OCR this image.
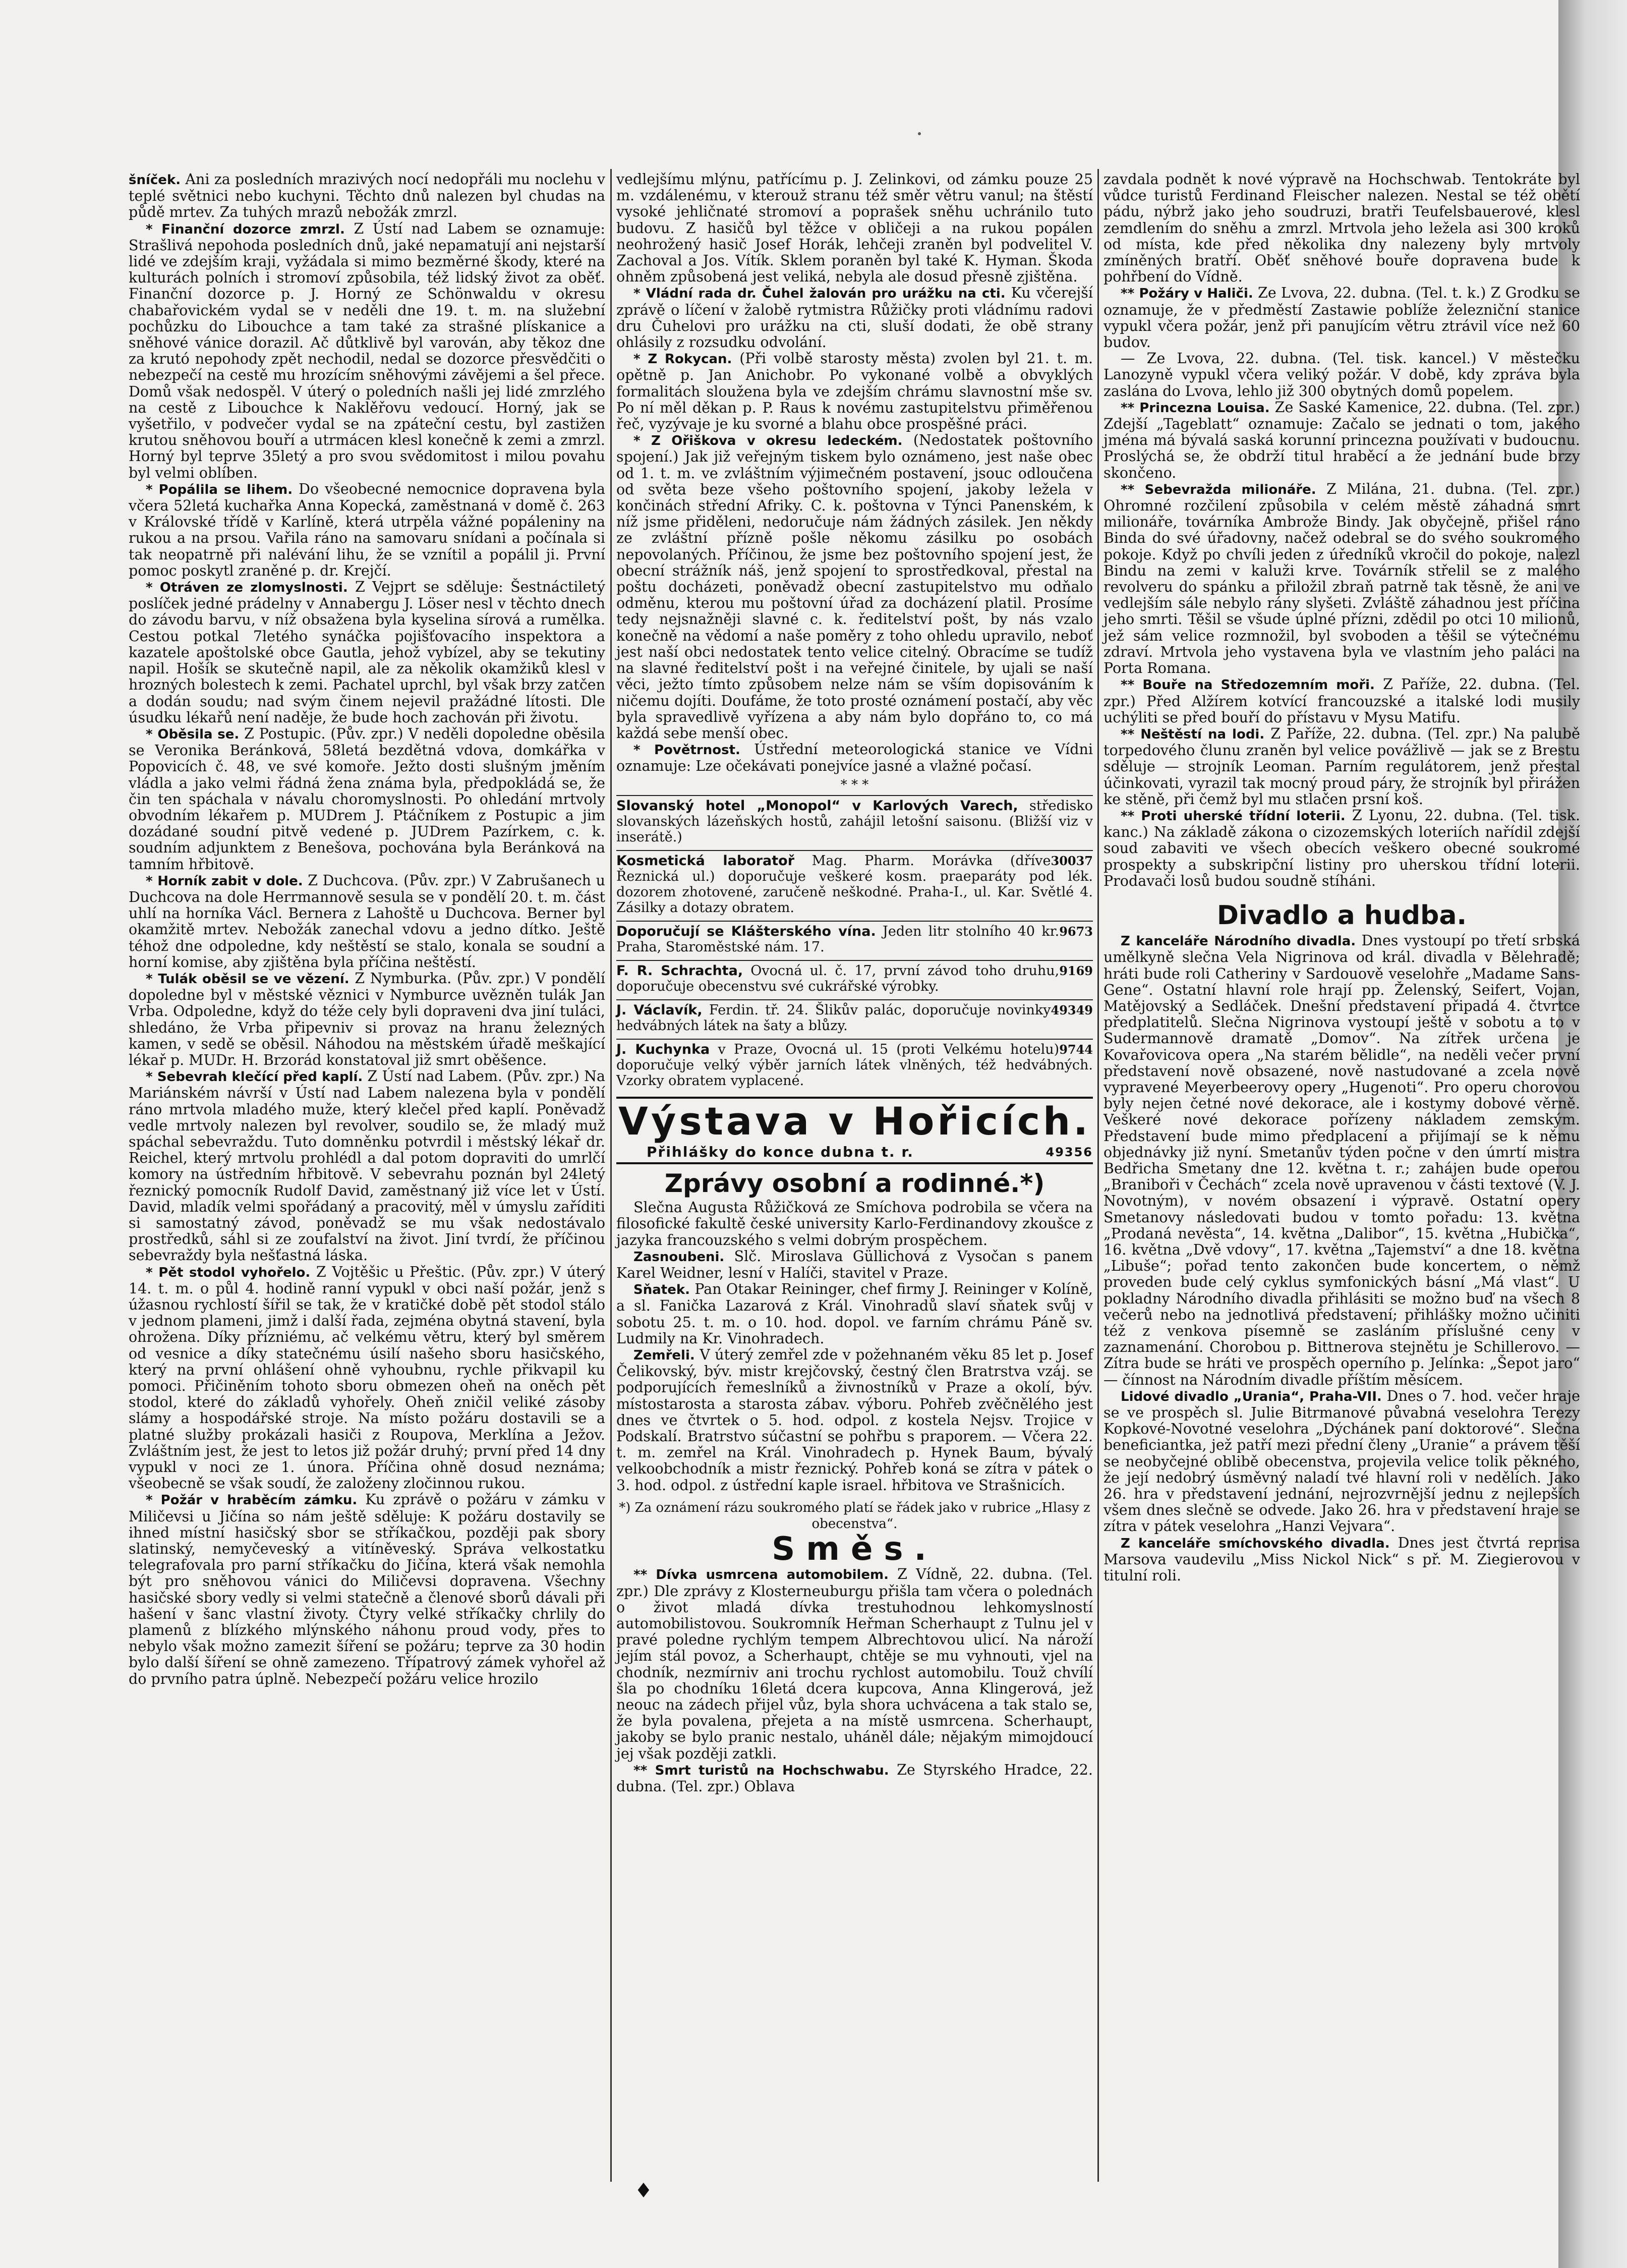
šníček. Ani za posledních mrazivých nocí nedopřáli mu noclehu v teplé světnici nebo kuchyni. Těchto dnů nalezen byl chudas na půdě mrtev. Za tuhých mrazů nebožák zmrzl.

* Finanční dozorce zmrzl. Z Ústí nad Labem se oznamuje: Strašlivá nepohoda posledních dnů, jaké nepamatují ani nejstarší lidé ve zdejším kraji, vyžádala si mimo bezměrné škody, které na kulturách polních i stromoví způsobila, též lidský život za oběť. Finanční dozorce p. J. Horný ze Schönwaldu v okresu chabařovickém vydal se v neděli dne 19. t. m. na služební pochůzku do Libouchce a tam také za strašné plískanice a sněhové vánice dorazil. Ač důtklivě byl varován, aby těkoz dne za krutó nepohody zpět nechodil, nedal se dozorce přesvědčiti o nebezpečí na cestě mu hrozícím sněhovými závějemi a šel přece. Domů však nedospěl. V úterý o poledních našli jej lidé zmrzlého na cestě z Libouchce k Naklěřovu vedoucí. Horný, jak se vyšetřilo, v podvečer vydal se na zpáteční cestu, byl zastižen krutou sněhovou bouří a utrmácen klesl konečně k zemi a zmrzl. Horný byl teprve 35letý a pro svou svědomitost i milou povahu byl velmi oblíben.

* Popálila se lihem. Do všeobecné nemocnice dopravena byla včera 52letá kuchařka Anna Kopecká, zaměstnaná v domě č. 263 v Královské třídě v Karlíně, která utrpěla vážné popáleniny na rukou a na prsou. Vařila ráno na samovaru snídani a počínala si tak neopatrně při nalévání lihu, že se vznítil a popálil ji. První pomoc poskytl zraněné p. dr. Krejčí.

* Otráven ze zlomyslnosti. Z Vejprt se sděluje: Šestnáctiletý poslíček jedné prádelny v Annabergu J. Löser nesl v těchto dnech do závodu barvu, v níž obsažena byla kyselina sírová a rumělka. Cestou potkal 7letého synáčka pojišťovacího inspektora a kazatele apoštolské obce Gautla, jehož vybízel, aby se tekutiny napil. Hošík se skutečně napil, ale za několik okamžiků klesl v hrozných bolestech k zemi. Pachatel uprchl, byl však brzy zatčen a dodán soudu; nad svým činem nejevil pražádné lítosti. Dle úsudku lékařů není naděje, že bude hoch zachován při životu.

* Oběsila se. Z Postupic. (Pův. zpr.) V neděli dopoledne oběsila se Veronika Beránková, 58letá bezdětná vdova, domkářka v Popovicích č. 48, ve své komoře. Ježto dosti slušným jměním vládla a jako velmi řádná žena známa byla, předpokládá se, že čin ten spáchala v návalu choromyslnosti. Po ohledání mrtvoly obvodním lékařem p. MUDrem J. Ptáčníkem z Postupic a jim dozádané soudní pitvě vedené p. JUDrem Pazírkem, c. k. soudním adjunktem z Benešova, pochována byla Beránková na tamním hřbitově.

* Horník zabit v dole. Z Duchcova. (Pův. zpr.) V Zabrušanech u Duchcova na dole Herrmannově sesula se v pondělí 20. t. m. část uhlí na horníka Václ. Bernera z Lahoště u Duchcova. Berner byl okamžitě mrtev. Nebožák zanechal vdovu a jedno dítko. Ještě téhož dne odpoledne, kdy neštěstí se stalo, konala se soudní a horní komise, aby zjištěna byla příčina neštěstí.

* Tulák oběsil se ve vězení. Z Nymburka. (Pův. zpr.) V pondělí dopoledne byl v městské věznici v Nymburce uvězněn tulák Jan Vrba. Odpoledne, když do téže cely byli dopraveni dva jiní tuláci, shledáno, že Vrba připevniv si provaz na hranu železných kamen, v sedě se oběsil. Náhodou na městském úřadě meškající lékař p. MUDr. H. Brzorád konstatoval již smrt oběšence.

* Sebevrah klečící před kaplí. Z Ústí nad Labem. (Pův. zpr.) Na Mariánském návrší v Ústí nad Labem nalezena byla v pondělí ráno mrtvola mladého muže, který klečel před kaplí. Poněvadž vedle mrtvoly nalezen byl revolver, soudilo se, že mladý muž spáchal sebevraždu. Tuto domněnku potvrdil i městský lékař dr. Reichel, který mrtvolu prohlédl a dal potom dopraviti do umrlčí komory na ústředním hřbitově. V sebevrahu poznán byl 24letý řeznický pomocník Rudolf David, zaměstnaný již více let v Ústí. David, mladík velmi spořádaný a pracovitý, měl v úmyslu zaříditi si samostatný závod, poněvadž se mu však nedostávalo prostředků, sáhl si ze zoufalství na život. Jiní tvrdí, že příčinou sebevraždy byla nešťastná láska.

* Pět stodol vyhořelo. Z Vojtěšic u Přeštic. (Pův. zpr.) V úterý 14. t. m. o půl 4. hodině ranní vypukl v obci naší požár, jenž s úžasnou rychlostí šířil se tak, že v kratičké době pět stodol stálo v jednom plameni, jimž i další řada, zejména obytná stavení, byla ohrožena. Díky přízniému, ač velkému větru, který byl směrem od vesnice a díky statečnému úsilí našeho sboru hasičského, který na první ohlášení ohně vyhoubnu, rychle přikvapil ku pomoci. Přičiněním tohoto sboru obmezen oheň na oněch pět stodol, které do základů vyhořely. Oheň zničil veliké zásoby slámy a hospodářské stroje. Na místo požáru dostavili se a platné služby prokázali hasiči z Roupova, Merklína a Ježov. Zvláštním jest, že jest to letos již požár druhý; první před 14 dny vypukl v noci ze 1. února. Příčina ohně dosud neznáma; všeobecně se však soudí, že založeny zločinnou rukou.

* Požár v hraběcím zámku. Ku zprávě o požáru v zámku v Miličevsi u Jičína so nám ještě sděluje: K požáru dostavily se ihned místní hasičský sbor se stříkačkou, později pak sbory slatinský, nemyčeveský a vitíněveský. Správa velkostatku telegrafovala pro parní stříkačku do Jičína, která však nemohla být pro sněhovou vánici do Miličevsi dopravena. Všechny hasičské sbory vedly si velmi statečně a členové sborů dávali při hašení v šanc vlastní životy. Čtyry velké stříkačky chrlily do plamenů z blízkého mlýnského náhonu proud vody, přes to nebylo však možno zamezit šíření se požáru; teprve za 30 hodin bylo další šíření se ohně zamezeno. Třípatrový zámek vyhořel až do prvního patra úplně. Nebezpečí požáru velice hrozilo

vedlejšímu mlýnu, patřícímu p. J. Zelinkovi, od zámku pouze 25 m. vzdálenému, v kterouž stranu též směr větru vanul; na štěstí vysoké jehličnaté stromoví a poprašek sněhu uchránilo tuto budovu. Z hasičů byl těžce v obličeji a na rukou popálen neohrožený hasič Josef Horák, lehčeji zraněn byl podvelitel V. Zachoval a Jos. Vítík. Sklem poraněn byl také K. Hyman. Škoda ohněm způsobená jest veliká, nebyla ale dosud přesně zjištěna.

* Vládní rada dr. Čuhel žalován pro urážku na cti. Ku včerejší zprávě o líčení v žalobě rytmistra Růžičky proti vládnímu radovi dru Čuhelovi pro urážku na cti, sluší dodati, že obě strany ohlásily z rozsudku odvolání.

* Z Rokycan. (Při volbě starosty města) zvolen byl 21. t. m. opětně p. Jan Anichobr. Po vykonané volbě a obvyklých formalitách sloužena byla ve zdejším chrámu slavnostní mše sv. Po ní měl děkan p. P. Raus k novému zastupitelstvu přiměřenou řeč, vyzývaje je ku svorné a blahu obce prospěšné práci.

* Z Ořiškova v okresu ledeckém. (Nedostatek poštovního spojení.) Jak již veřejným tiskem bylo oznámeno, jest naše obec od 1. t. m. ve zvláštním výjimečném postavení, jsouc odloučena od světa beze všeho poštovního spojení, jakoby ležela v končinách střední Afriky. C. k. poštovna v Týnci Panenském, k níž jsme přiděleni, nedoručuje nám žádných zásilek. Jen někdy ze zvláštní přízně pošle někomu zásilku po osobách nepovolaných. Příčinou, že jsme bez poštovního spojení jest, že obecní strážník náš, jenž spojení to sprostředkoval, přestal na poštu docházeti, poněvadž obecní zastupitelstvo mu odňalo odměnu, kterou mu poštovní úřad za docházení platil. Prosíme tedy nejsnažněji slavné c. k. ředitelství pošt, by nás vzalo konečně na vědomí a naše poměry z toho ohledu upravilo, neboť jest naší obci nedostatek tento velice citelný. Obracíme se tudíž na slavné ředitelství pošt i na veřejné činitele, by ujali se naší věci, ježto tímto způsobem nelze nám se vším dopisováním k ničemu dojíti. Doufáme, že toto prosté oznámení postačí, aby věc byla spravedlivě vyřízena a aby nám bylo dopřáno to, co má každá sebe menší obec.

* Povětrnost. Ústřední meteorologická stanice ve Vídni oznamuje: Lze očekávati ponejvíce jasné a vlažné počasí.

* * *
Slovanský hotel „Monopol“ v Karlových Varech, středisko slovanských lázeňských hostů, zahájil letošní saisonu. (Bližší viz v inserátě.)
30037
Kosmetická laboratoř Mag. Pharm. Morávka (dříve Řeznická ul.) doporučuje veškeré kosm. praeparáty pod lék. dozorem zhotovené, zaručeně neškodné. Praha-I., ul. Kar. Světlé 4. Zásilky a dotazy obratem.
9673
Doporučují se Klášterského vína. Jeden litr stolního 40 kr. Praha, Staroměstské nám. 17.
9169
F. R. Schrachta, Ovocná ul. č. 17, první závod toho druhu, doporučuje obecenstvu své cukrářské výrobky.
49349
J. Václavík, Ferdin. tř. 24. Šlikův palác, doporučuje novinky hedvábných látek na šaty a blůzy.
9744
J. Kuchynka v Praze, Ovocná ul. 15 (proti Velkému hotelu) doporučuje velký výběr jarních látek vlněných, též hedvábných. Vzorky obratem vyplacené.
Výstava v Hořicích.
49356
Přihlášky do konce dubna t. r.
Zprávy osobní a rodinné.*)

Slečna Augusta Růžičková ze Smíchova podrobila se včera na filosofické fakultě české university Karlo-Ferdinandovy zkoušce z jazyka francouzského s velmi dobrým prospěchem.

Zasnoubeni. Slč. Miroslava Güllichová z Vysočan s panem Karel Weidner, lesní v Halíči, stavitel v Praze.

Sňatek. Pan Otakar Reininger, chef firmy J. Reininger v Kolíně, a sl. Fanička Lazarová z Král. Vinohradů slaví sňatek svůj v sobotu 25. t. m. o 10. hod. dopol. ve farním chrámu Páně sv. Ludmily na Kr. Vinohradech.

Zemřeli. V úterý zemřel zde v požehnaném věku 85 let p. Josef Čelikovský, býv. mistr krejčovský, čestný člen Bratrstva vzáj. se podporujících řemeslníků a živnostníků v Praze a okolí, býv. místostarosta a starosta zábav. výboru. Pohřeb zvěčnělého jest dnes ve čtvrtek o 5. hod. odpol. z kostela Nejsv. Trojice v Podskalí. Bratrstvo súčastní se pohřbu s praporem. — Včera 22. t. m. zemřel na Král. Vinohradech p. Hynek Baum, bývalý velkoobchodník a mistr řeznický. Pohřeb koná se zítra v pátek o 3. hod. odpol. z ústřední kaple israel. hřbitova ve Strašnicích.

*) Za oznámení rázu soukromého platí se řádek jako v rubrice „Hlasy z obecenstva“.
Směs.

** Dívka usmrcena automobilem. Z Vídně, 22. dubna. (Tel. zpr.) Dle zprávy z Klosterneuburgu přišla tam včera o polednách o život mladá dívka trestuhodnou lehkomyslností automobilistovou. Soukromník Heřman Scherhaupt z Tulnu jel v pravé poledne rychlým tempem Albrechtovou ulicí. Na nároží jejím stál povoz, a Scherhaupt, chtěje se mu vyhnouti, vjel na chodník, nezmírniv ani trochu rychlost automobilu. Touž chvílí šla po chodníku 16letá dcera kupcova, Anna Klingerová, jež neouc na zádech přijel vůz, byla shora uchvácena a tak stalo se, že byla povalena, přejeta a na místě usmrcena. Scherhaupt, jakoby se bylo pranic nestalo, uháněl dále; nějakým mimojdoucí jej však později zatkli.

** Smrt turistů na Hochschwabu. Ze Styrského Hradce, 22. dubna. (Tel. zpr.) Oblava

zavdala podnět k nové výpravě na Hochschwab. Tentokráte byl vůdce turistů Ferdinand Fleischer nalezen. Nestal se též obětí pádu, nýbrž jako jeho soudruzi, bratři Teufelsbauerové, klesl zemdlením do sněhu a zmrzl. Mrtvola jeho ležela asi 300 kroků od místa, kde před několika dny nalezeny byly mrtvoly zmíněných bratří. Oběť sněhové bouře dopravena bude k pohřbení do Vídně.

** Požáry v Haliči. Ze Lvova, 22. dubna. (Tel. t. k.) Z Grodku se oznamuje, že v předměstí Zastawie poblíže železniční stanice vypukl včera požár, jenž při panujícím větru ztrávil více než 60 budov.

— Ze Lvova, 22. dubna. (Tel. tisk. kancel.) V městečku Lanozyně vypukl včera veliký požár. V době, kdy zpráva byla zaslána do Lvova, lehlo již 300 obytných domů popelem.

** Princezna Louisa. Ze Saské Kamenice, 22. dubna. (Tel. zpr.) Zdejší „Tageblatt“ oznamuje: Začalo se jednati o tom, jakého jména má bývalá saská korunní princezna používati v budoucnu. Proslýchá se, že obdrží titul hraběcí a že jednání bude brzy skončeno.

** Sebevražda milionáře. Z Milána, 21. dubna. (Tel. zpr.) Ohromné rozčilení způsobila v celém městě záhadná smrt milionáře, továrníka Ambrože Bindy. Jak obyčejně, přišel ráno Binda do své úřadovny, načež odebral se do svého soukromého pokoje. Když po chvíli jeden z úředníků vkročil do pokoje, nalezl Bindu na zemi v kaluži krve. Továrník střelil se z malého revolveru do spánku a přiložil zbraň patrně tak těsně, že ani ve vedlejším sále nebylo rány slyšeti. Zvláště záhadnou jest příčina jeho smrti. Těšil se všude úplné přízni, zdědil po otci 10 milionů, jež sám velice rozmnožil, byl svoboden a těšil se výtečnému zdraví. Mrtvola jeho vystavena byla ve vlastním jeho paláci na Porta Romana.

** Bouře na Středozemním moři. Z Paříže, 22. dubna. (Tel. zpr.) Před Alžírem kotvící francouzské a italské lodi musily uchýliti se před bouří do přístavu v Mysu Matifu.

** Neštěstí na lodi. Z Paříže, 22. dubna. (Tel. zpr.) Na palubě torpedového člunu zraněn byl velice povážlivě — jak se z Brestu sděluje — strojník Leoman. Parním regulátorem, jenž přestal účinkovati, vyrazil tak mocný proud páry, že strojník byl přirážen ke stěně, při čemž byl mu stlačen prsní koš.

** Proti uherské třídní loterii. Z Lyonu, 22. dubna. (Tel. tisk. kanc.) Na základě zákona o cizozemských loteriích nařídil zdejší soud zabaviti ve všech obecích veškero obecné soukromé prospekty a subskripční listiny pro uherskou třídní loterii. Prodavači losů budou soudně stíháni.

Divadlo a hudba.

Z kanceláře Národního divadla. Dnes vystoupí po třetí srbská umělkyně slečna Vela Nigrinova od král. divadla v Bělehradě; hráti bude roli Catheriny v Sardouově veselohře „Madame Sans-Gene“. Ostatní hlavní role hrají pp. Želenský, Seifert, Vojan, Matějovský a Sedláček. Dnešní představení připadá 4. čtvrtce předplatitelů. Slečna Nigrinova vystoupí ještě v sobotu a to v Sudermannově dramatě „Domov“. Na zítřek určena je Kovařovicova opera „Na starém bělidle“, na neděli večer první představení nově obsazené, nově nastudované a zcela nově vypravené Meyerbeerovy opery „Hugenoti“. Pro operu chorovou byly nejen četné nové dekorace, ale i kostymy dobové věrně. Veškeré nové dekorace pořízeny nákladem zemským. Představení bude mimo předplacení a přijímají se k němu objednávky již nyní. Smetanův týden počne v den úmrtí mistra Bedřicha Smetany dne 12. května t. r.; zahájen bude operou „Braniboři v Čechách“ zcela nově upravenou v části textové (V. J. Novotným), v novém obsazení i výpravě. Ostatní opery Smetanovy následovati budou v tomto pořadu: 13. května „Prodaná nevěsta“, 14. května „Dalibor“, 15. května „Hubička“, 16. května „Dvě vdovy“, 17. května „Tajemství“ a dne 18. května „Libuše“; pořad tento zakončen bude koncertem, o němž proveden bude celý cyklus symfonických básní „Má vlast“. U pokladny Národního divadla přihlásiti se možno buď na všech 8 večerů nebo na jednotlivá představení; přihlášky možno učiniti též z venkova písemně se zasláním příslušné ceny v zaznamenání. Chorobou p. Bittnerova stejnětu je Schillerovo. — Zítra bude se hráti ve prospěch operního p. Jelínka: „Šepot jaro“ — čínnost na Národním divadle příštím měsícem.

Lidové divadlo „Urania“, Praha-VII. Dnes o 7. hod. večer hraje se ve prospěch sl. Julie Bitrmanové půvabná veselohra Terezy Kopkové-Novotné veselohra „Dýchánek paní doktorové“. Slečna beneficiantka, jež patří mezi přední členy „Uranie“ a právem těší se neobyčejné oblibě obecenstva, projevila velice tolik pěkného, že její nedobrý úsměvný naladí tvé hlavní roli v nedělích. Jako 26. hra v představení jednání, nejrozvrnější jednu z nejlepších všem dnes slečně se odvede. Jako 26. hra v představení hraje se zítra v pátek veselohra „Hanzi Vejvara“.

Z kanceláře smíchovského divadla. Dnes jest čtvrtá reprisa Marsova vaudevilu „Miss Nickol Nick“ s př. M. Ziegierovou v titulní roli.

♦
